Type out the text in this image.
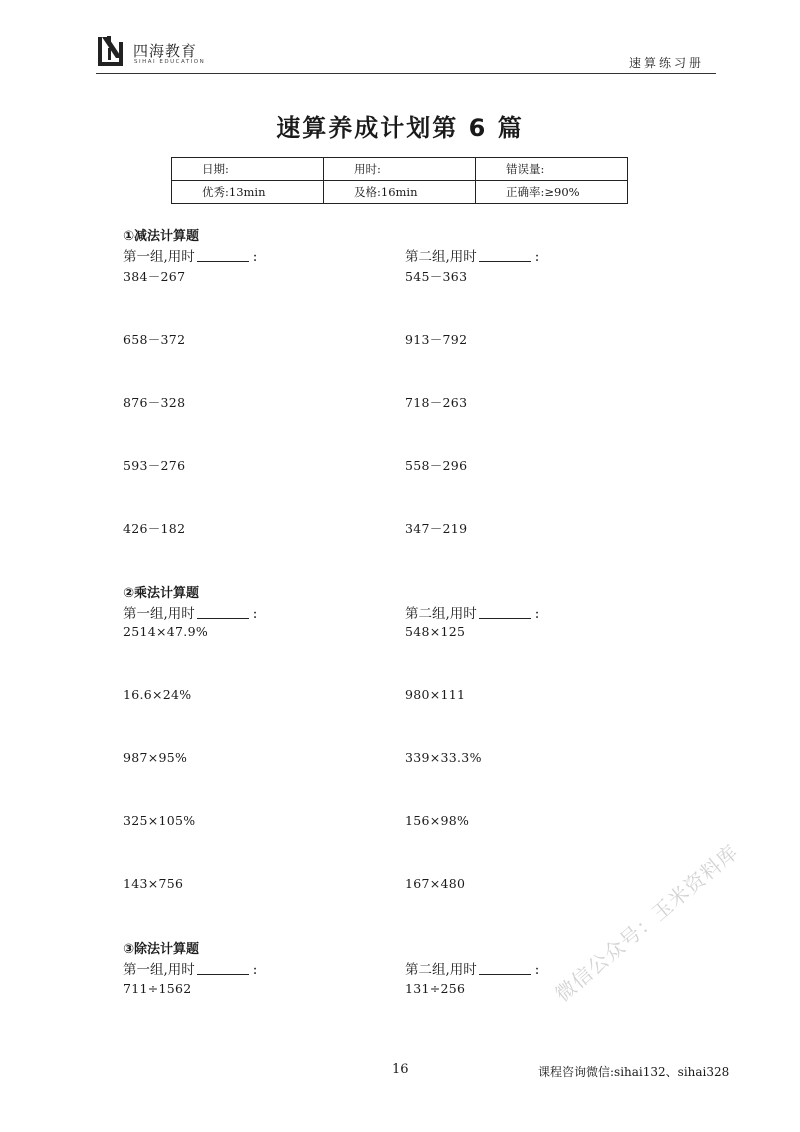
四海教育
SIHAI EDUCATION	速算练习册
速算养成计划第 6 篇
日期:	用时:	错误量:
优秀:13min	及格:16min	正确率:≥90%
①减法计算题
第一组,用时	:	第二组,用时	:
384－267
658－372
876－328
593－276
426－182
545－363
913－792
718－263
558－296
347－219
②乘法计算题
第一组,用时	:	第二组,用时	:
2514×47.9%
16.6×24%
987×95%
325×105%
143×756
548×125
980×111
339×33.3%
156×98%
167×480
③除法计算题
第一组,用时	:	第二组,用时	:
711÷1562	131÷256	微信公众号：玉米资料库
16	课程咨询微信:sihai132、sihai328
